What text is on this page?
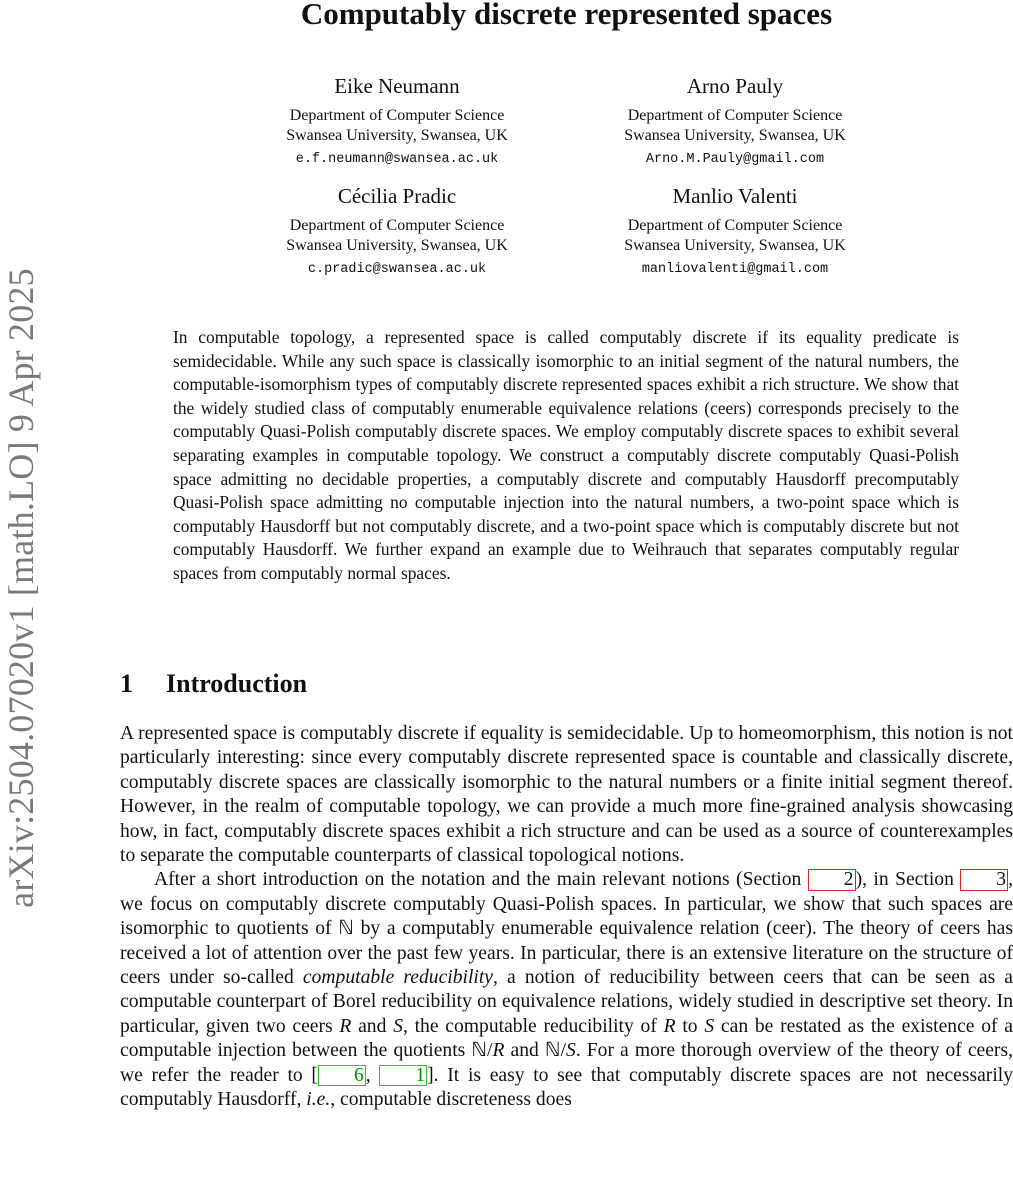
arXiv:2504.07020v1 [math.LO] 9 Apr 2025
Computably discrete represented spaces
Eike Neumann
Department of Computer Science
Swansea University, Swansea, UK
e.f.neumann@swansea.ac.uk
Arno Pauly
Department of Computer Science
Swansea University, Swansea, UK
Arno.M.Pauly@gmail.com
Cécilia Pradic
Department of Computer Science
Swansea University, Swansea, UK
c.pradic@swansea.ac.uk
Manlio Valenti
Department of Computer Science
Swansea University, Swansea, UK
manliovalenti@gmail.com
In computable topology, a represented space is called computably discrete if its equality predicate is semidecidable. While any such space is classically isomorphic to an initial segment of the natural numbers, the computable-isomorphism types of computably discrete represented spaces exhibit a rich structure. We show that the widely studied class of computably enumerable equivalence relations (ceers) corresponds precisely to the computably Quasi-Polish computably discrete spaces. We employ computably discrete spaces to exhibit several separating examples in computable topology. We construct a computably discrete computably Quasi-Polish space admitting no decidable properties, a computably discrete and computably Hausdorff precomputably Quasi-Polish space admitting no computable injection into the natural numbers, a two-point space which is computably Hausdorff but not computably discrete, and a two-point space which is computably discrete but not computably Hausdorff. We further expand an example due to Weihrauch that separates computably regular spaces from computably normal spaces.
1 Introduction

A represented space is computably discrete if equality is semidecidable. Up to homeomorphism, this notion is not particularly interesting: since every computably discrete represented space is countable and classically discrete, computably discrete spaces are classically isomorphic to the natural numbers or a finite initial segment thereof. However, in the realm of computable topology, we can provide a much more fine-grained analysis showcasing how, in fact, computably discrete spaces exhibit a rich structure and can be used as a source of counterexamples to separate the computable counterparts of classical topological notions.

After a short introduction on the notation and the main relevant notions (Section 2 ), in Section 3 , we focus on computably discrete computably Quasi-Polish spaces. In particular, we show that such spaces are isomorphic to quotients of ℕ by a computably enumerable equivalence relation (ceer). The theory of ceers has received a lot of attention over the past few years. In particular, there is an extensive literature on the structure of ceers under so-called computable reducibility, a notion of reducibility between ceers that can be seen as a computable counterpart of Borel reducibility on equivalence relations, widely studied in descriptive set theory. In particular, given two ceers R and S, the computable reducibility of R to S can be restated as the existence of a computable injection between the quotients ℕ/R and ℕ/S. For a more thorough overview of the theory of ceers, we refer the reader to [ 6 , 1 ]. It is easy to see that computably discrete spaces are not necessarily computably Hausdorff, i.e., computable discreteness does
